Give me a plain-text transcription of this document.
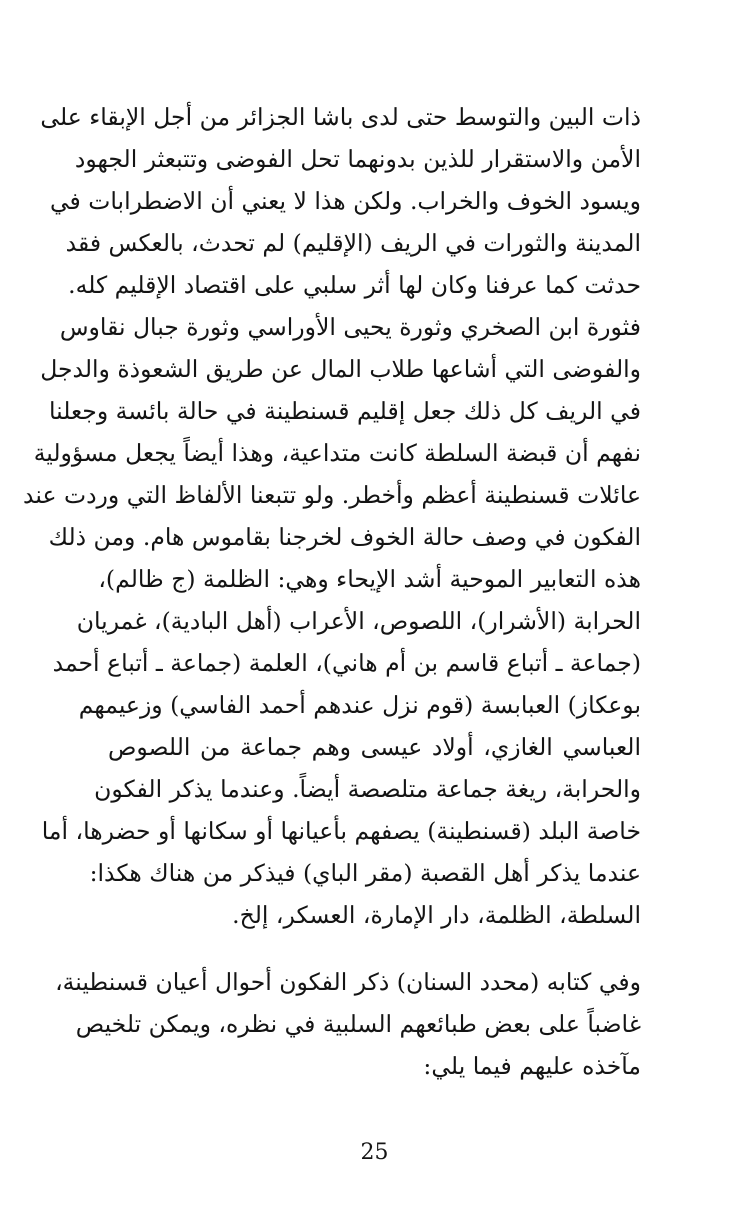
ذات البين والتوسط حتى لدى باشا الجزائر من أجل الإبقاء على
الأمن والاستقرار للذين بدونهما تحل الفوضى وتتبعثر الجهود
ويسود الخوف والخراب. ولكن هذا لا يعني أن الاضطرابات في
المدينة والثورات في الريف (الإقليم) لم تحدث، بالعكس فقد
حدثت كما عرفنا وكان لها أثر سلبي على اقتصاد الإقليم كله.
فثورة ابن الصخري وثورة يحيى الأوراسي وثورة جبال نقاوس
والفوضى التي أشاعها طلاب المال عن طريق الشعوذة والدجل
في الريف كل ذلك جعل إقليم قسنطينة في حالة بائسة وجعلنا
نفهم أن قبضة السلطة كانت متداعية، وهذا أيضاً يجعل مسؤولية
عائلات قسنطينة أعظم وأخطر. ولو تتبعنا الألفاظ التي وردت عند
الفكون في وصف حالة الخوف لخرجنا بقاموس هام. ومن ذلك
هذه التعابير الموحية أشد الإيحاء وهي: الظلمة (ج ظالم)،
الحرابة (الأشرار)، اللصوص، الأعراب (أهل البادية)، غمريان
(جماعة ـ أتباع قاسم بن أم هاني)، العلمة (جماعة ـ أتباع أحمد
بوعكاز) العبابسة (قوم نزل عندهم أحمد الفاسي) وزعيمهم
العباسي الغازي، أولاد عيسى وهم جماعة من اللصوص
والحرابة، ريغة جماعة متلصصة أيضاً. وعندما يذكر الفكون
خاصة البلد (قسنطينة) يصفهم بأعيانها أو سكانها أو حضرها، أما
عندما يذكر أهل القصبة (مقر الباي) فيذكر من هناك هكذا:
السلطة، الظلمة، دار الإمارة، العسكر، إلخ.
وفي كتابه (محدد السنان) ذكر الفكون أحوال أعيان قسنطينة،
غاضباً على بعض طبائعهم السلبية في نظره، ويمكن تلخيص
مآخذه عليهم فيما يلي:
25
